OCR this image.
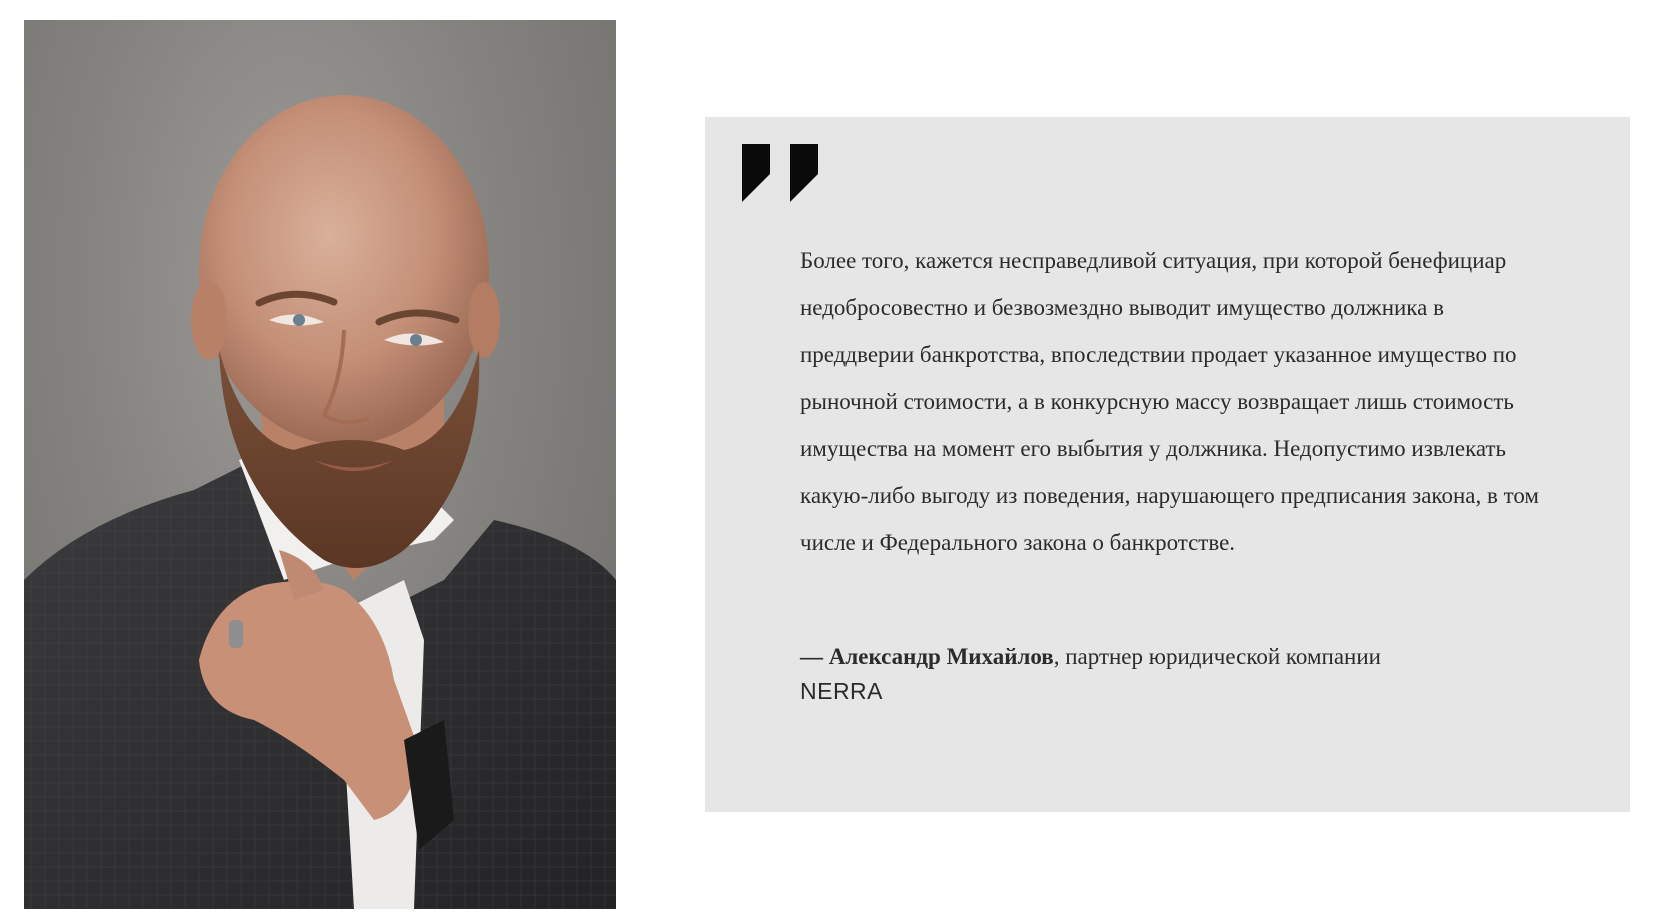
Более того, кажется несправедливой ситуация, при которой бенефициар недобросовестно и безвозмездно выводит имущество должника в преддверии банкротства, впоследствии продает указанное имущество по рыночной стоимости, а в конкурсную массу возвращает лишь стоимость имущества на момент его выбытия у должника. Недопустимо извлекать какую-либо выгоду из поведения, нарушающего предписания закона, в том числе и Федерального закона о банкротстве.

— Александр Михайлов, партнер юридической компании
NERRA
